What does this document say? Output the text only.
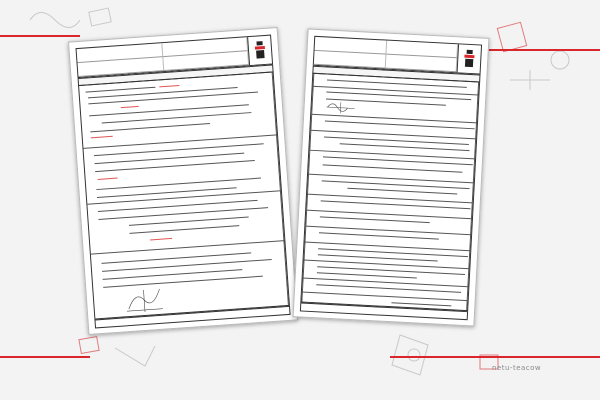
netu-teacow
